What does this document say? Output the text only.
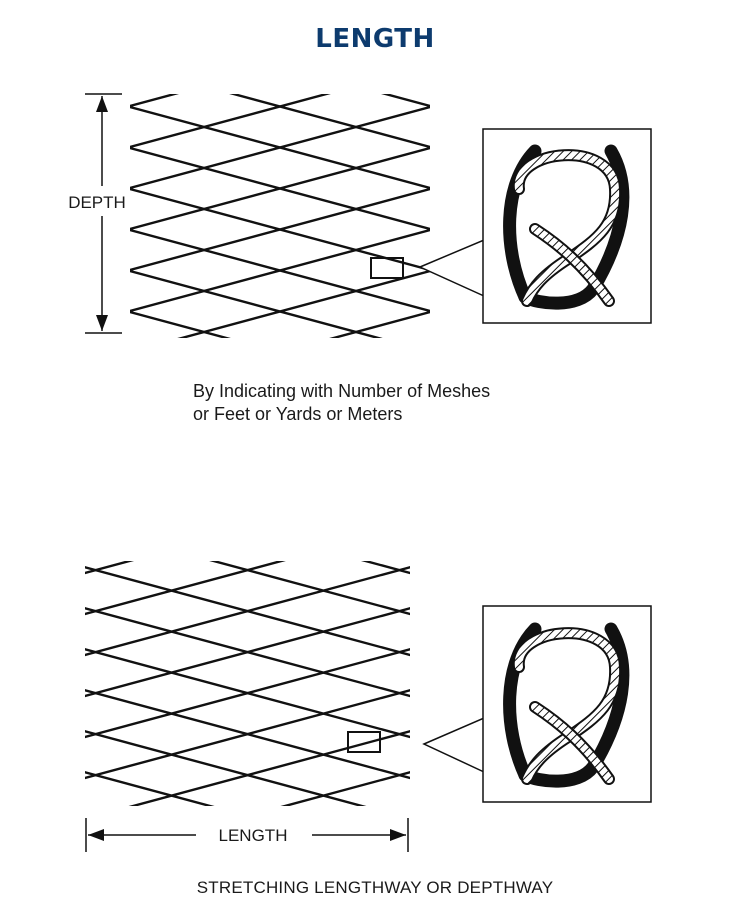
LENGTH
DEPTH
LENGTH
By Indicating with Number of Meshes
or Feet or Yards or Meters
STRETCHING LENGTHWAY OR DEPTHWAY
